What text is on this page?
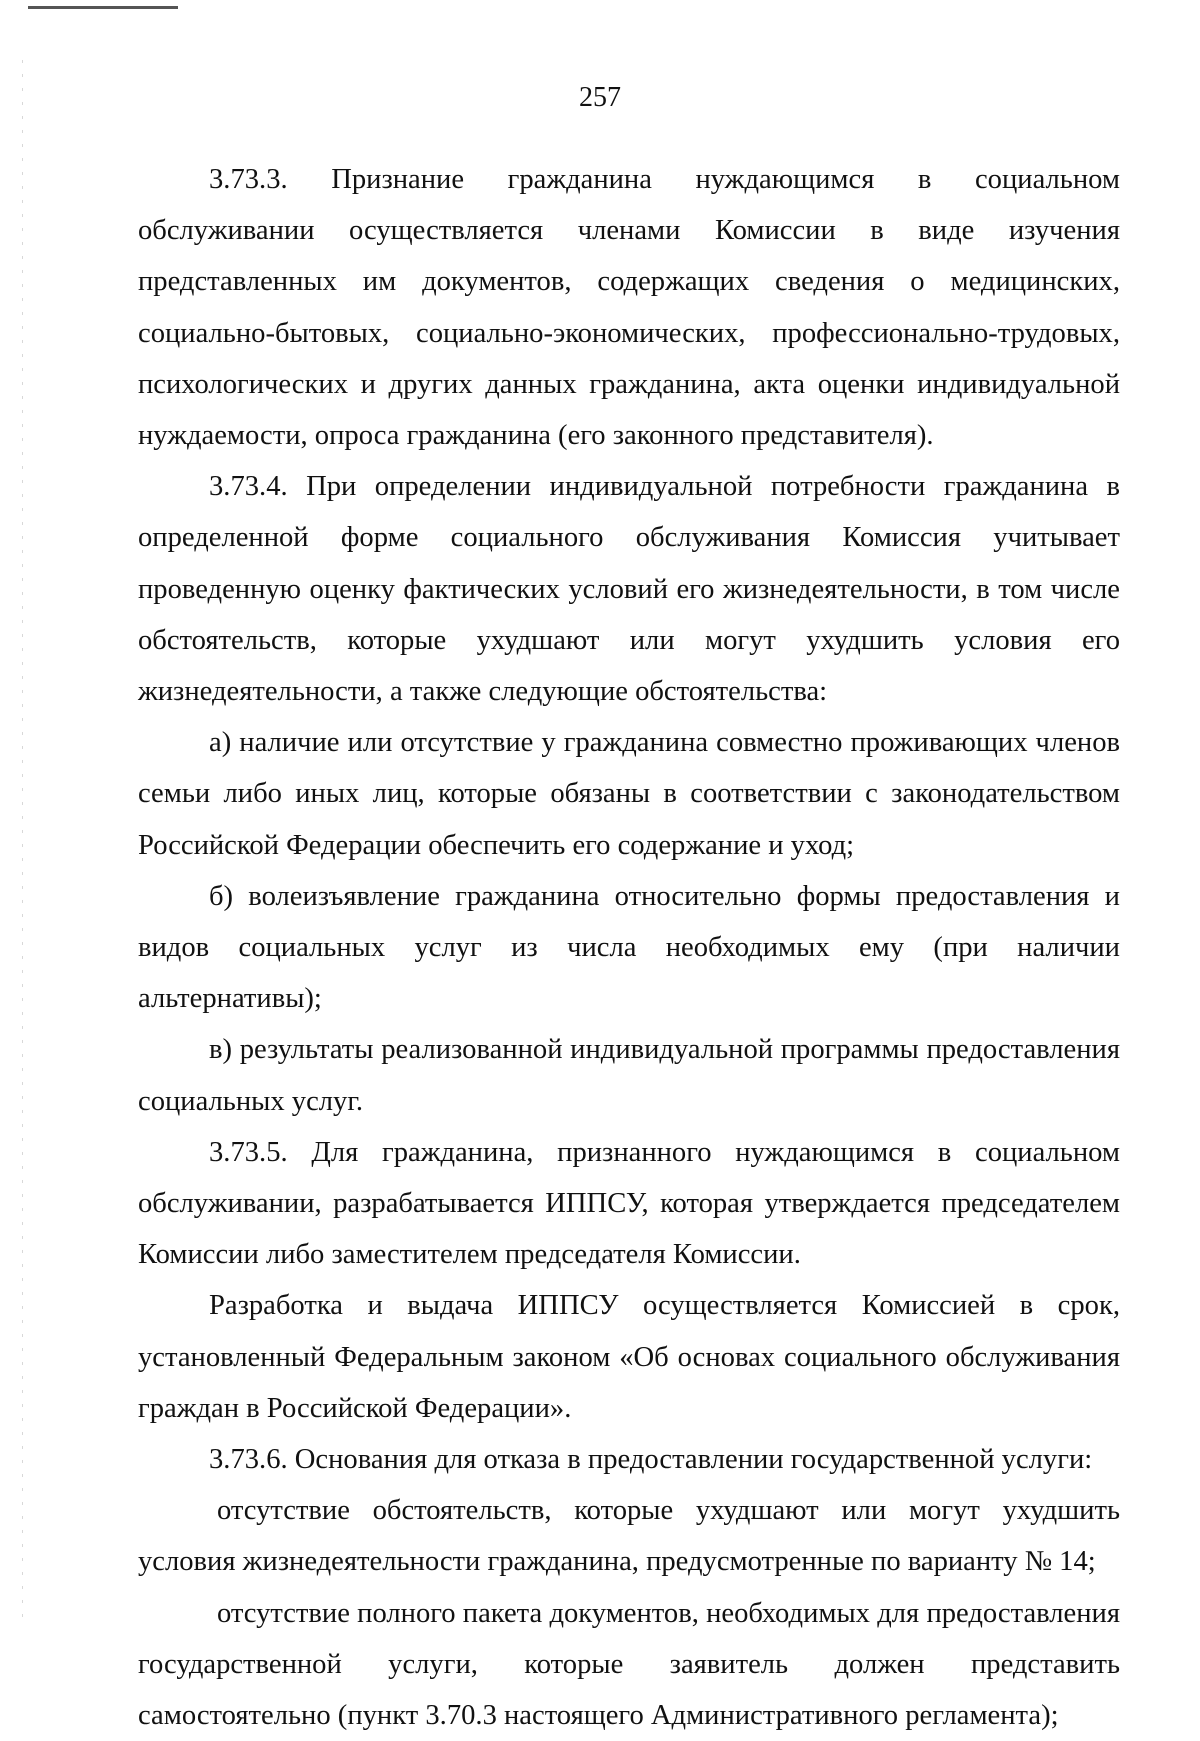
257

3.73.3. Признание гражданина нуждающимся в социальном обслуживании осуществляется членами Комиссии в виде изучения представленных им документов, содержащих сведения о медицинских, социально-бытовых, социально-экономических, профессионально-трудовых, психологических и других данных гражданина, акта оценки индивидуальной нуждаемости, опроса гражданина (его законного представителя).

3.73.4. При определении индивидуальной потребности гражданина в определенной форме социального обслуживания Комиссия учитывает проведенную оценку фактических условий его жизнедеятельности, в том числе обстоятельств, которые ухудшают или могут ухудшить условия его жизнедеятельности, а также следующие обстоятельства:

а) наличие или отсутствие у гражданина совместно проживающих членов семьи либо иных лиц, которые обязаны в соответствии с законодательством Российской Федерации обеспечить его содержание и уход;

б) волеизъявление гражданина относительно формы предоставления и видов социальных услуг из числа необходимых ему (при наличии альтернативы);

в) результаты реализованной индивидуальной программы предоставления социальных услуг.

3.73.5. Для гражданина, признанного нуждающимся в социальном обслуживании, разрабатывается ИППСУ, которая утверждается председателем Комиссии либо заместителем председателя Комиссии.

Разработка и выдача ИППСУ осуществляется Комиссией в срок, установленный Федеральным законом «Об основах социального обслуживания граждан в Российской Федерации».

3.73.6. Основания для отказа в предоставлении государственной услуги:

отсутствие обстоятельств, которые ухудшают или могут ухудшить условия жизнедеятельности гражданина, предусмотренные по варианту № 14;

отсутствие полного пакета документов, необходимых для предоставления государственной услуги, которые заявитель должен представить самостоятельно (пункт 3.70.3 настоящего Административного регламента);
